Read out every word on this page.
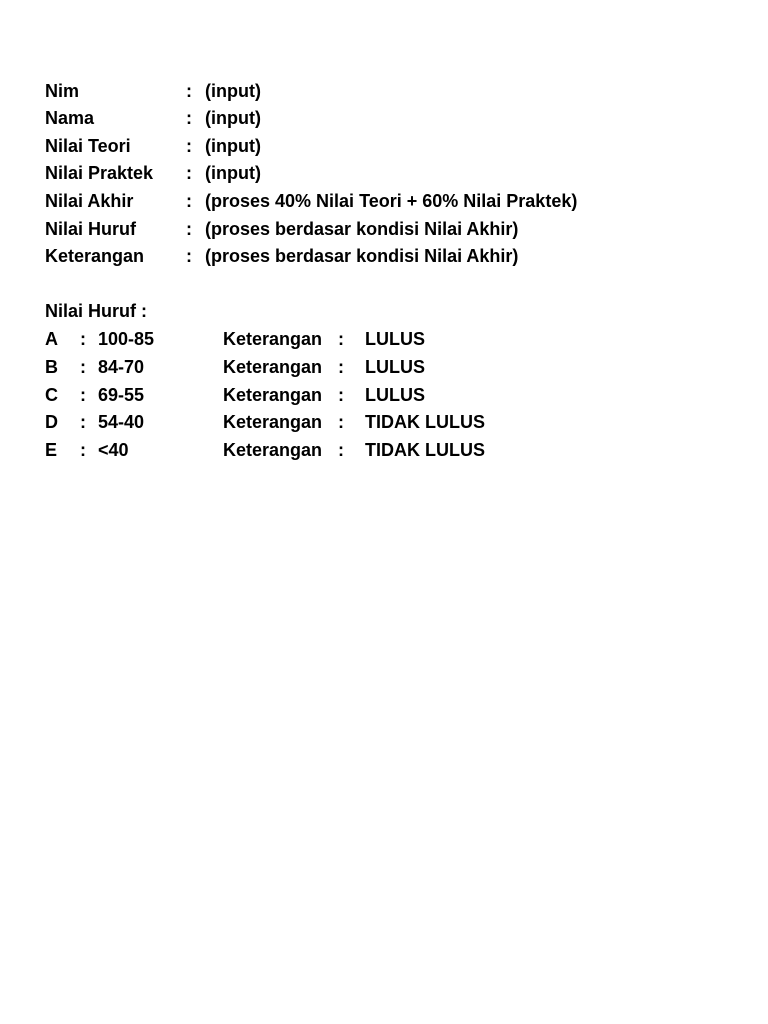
Nim	: (input)
Nama	: (input)
Nilai Teori	: (input)
Nilai Praktek : (input)
Nilai Akhir	: (proses 40% Nilai Teori + 60% Nilai Praktek)
Nilai Huruf	: (proses berdasar kondisi Nilai Akhir)
Keterangan : (proses berdasar kondisi Nilai Akhir)
Nilai Huruf :
A : 100-85	Keterangan : LULUS
B : 84-70	Keterangan : LULUS
C : 69-55	Keterangan : LULUS
D : 54-40	Keterangan : TIDAK LULUS
E : <40	Keterangan : TIDAK LULUS
